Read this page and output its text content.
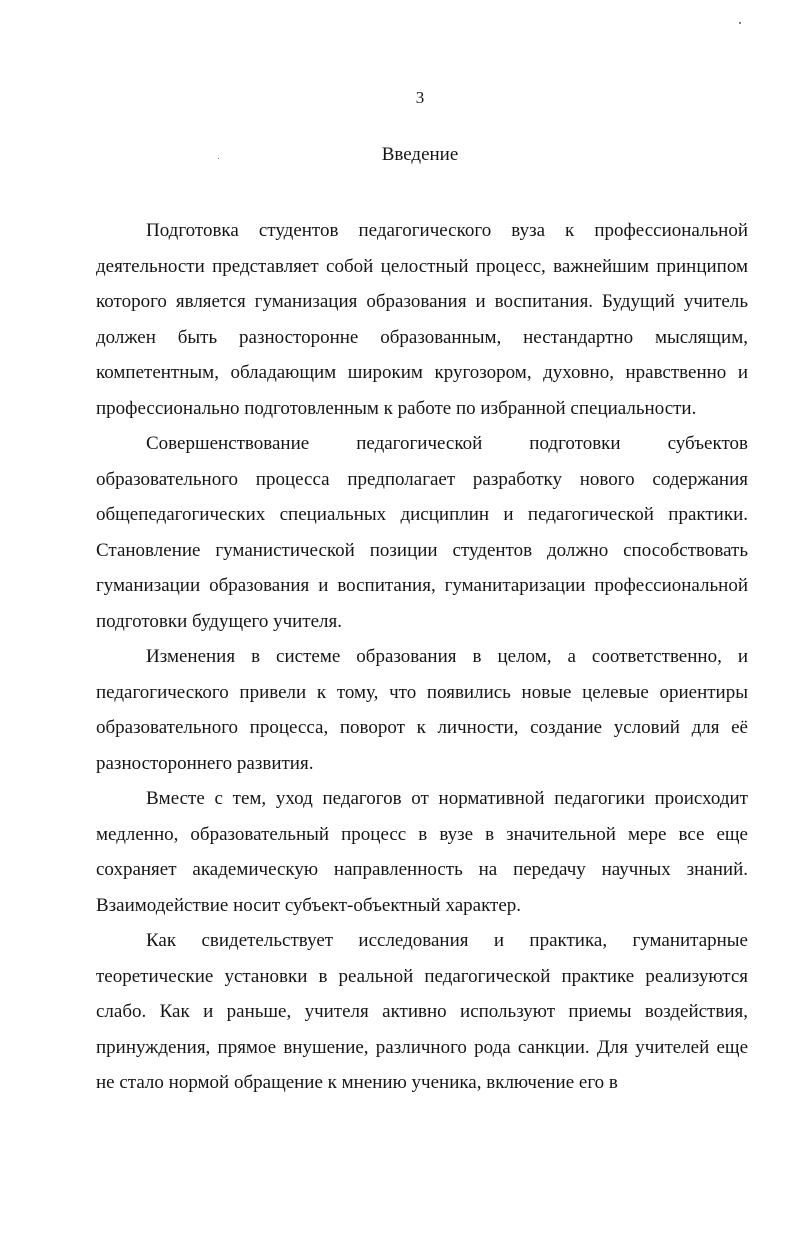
3
Введение

Подготовка студентов педагогического вуза к профессиональной деятельности представляет собой целостный процесс, важнейшим принципом которого является гуманизация образования и воспитания. Будущий учитель должен быть разносторонне образованным, нестандартно мыслящим, компетентным, обладающим широким кругозором, духовно, нравственно и профессионально подготовленным к работе по избранной специальности.

Совершенствование педагогической подготовки субъектов образовательного процесса предполагает разработку нового содержания общепедагогических специальных дисциплин и педагогической практики. Становление гуманистической позиции студентов должно способствовать гуманизации образования и воспитания, гуманитаризации профессиональной подготовки будущего учителя.

Изменения в системе образования в целом, а соответственно, и педагогического привели к тому, что появились новые целевые ориентиры образовательного процесса, поворот к личности, создание условий для её разностороннего развития.

Вместе с тем, уход педагогов от нормативной педагогики происходит медленно, образовательный процесс в вузе в значительной мере все еще сохраняет академическую направленность на передачу научных знаний. Взаимодействие носит субъект-объектный характер.

Как свидетельствует исследования и практика, гуманитарные теоретические установки в реальной педагогической практике реализуются слабо. Как и раньше, учителя активно используют приемы воздействия, принуждения, прямое внушение, различного рода санкции. Для учителей еще не стало нормой обращение к мнению ученика, включение его в
